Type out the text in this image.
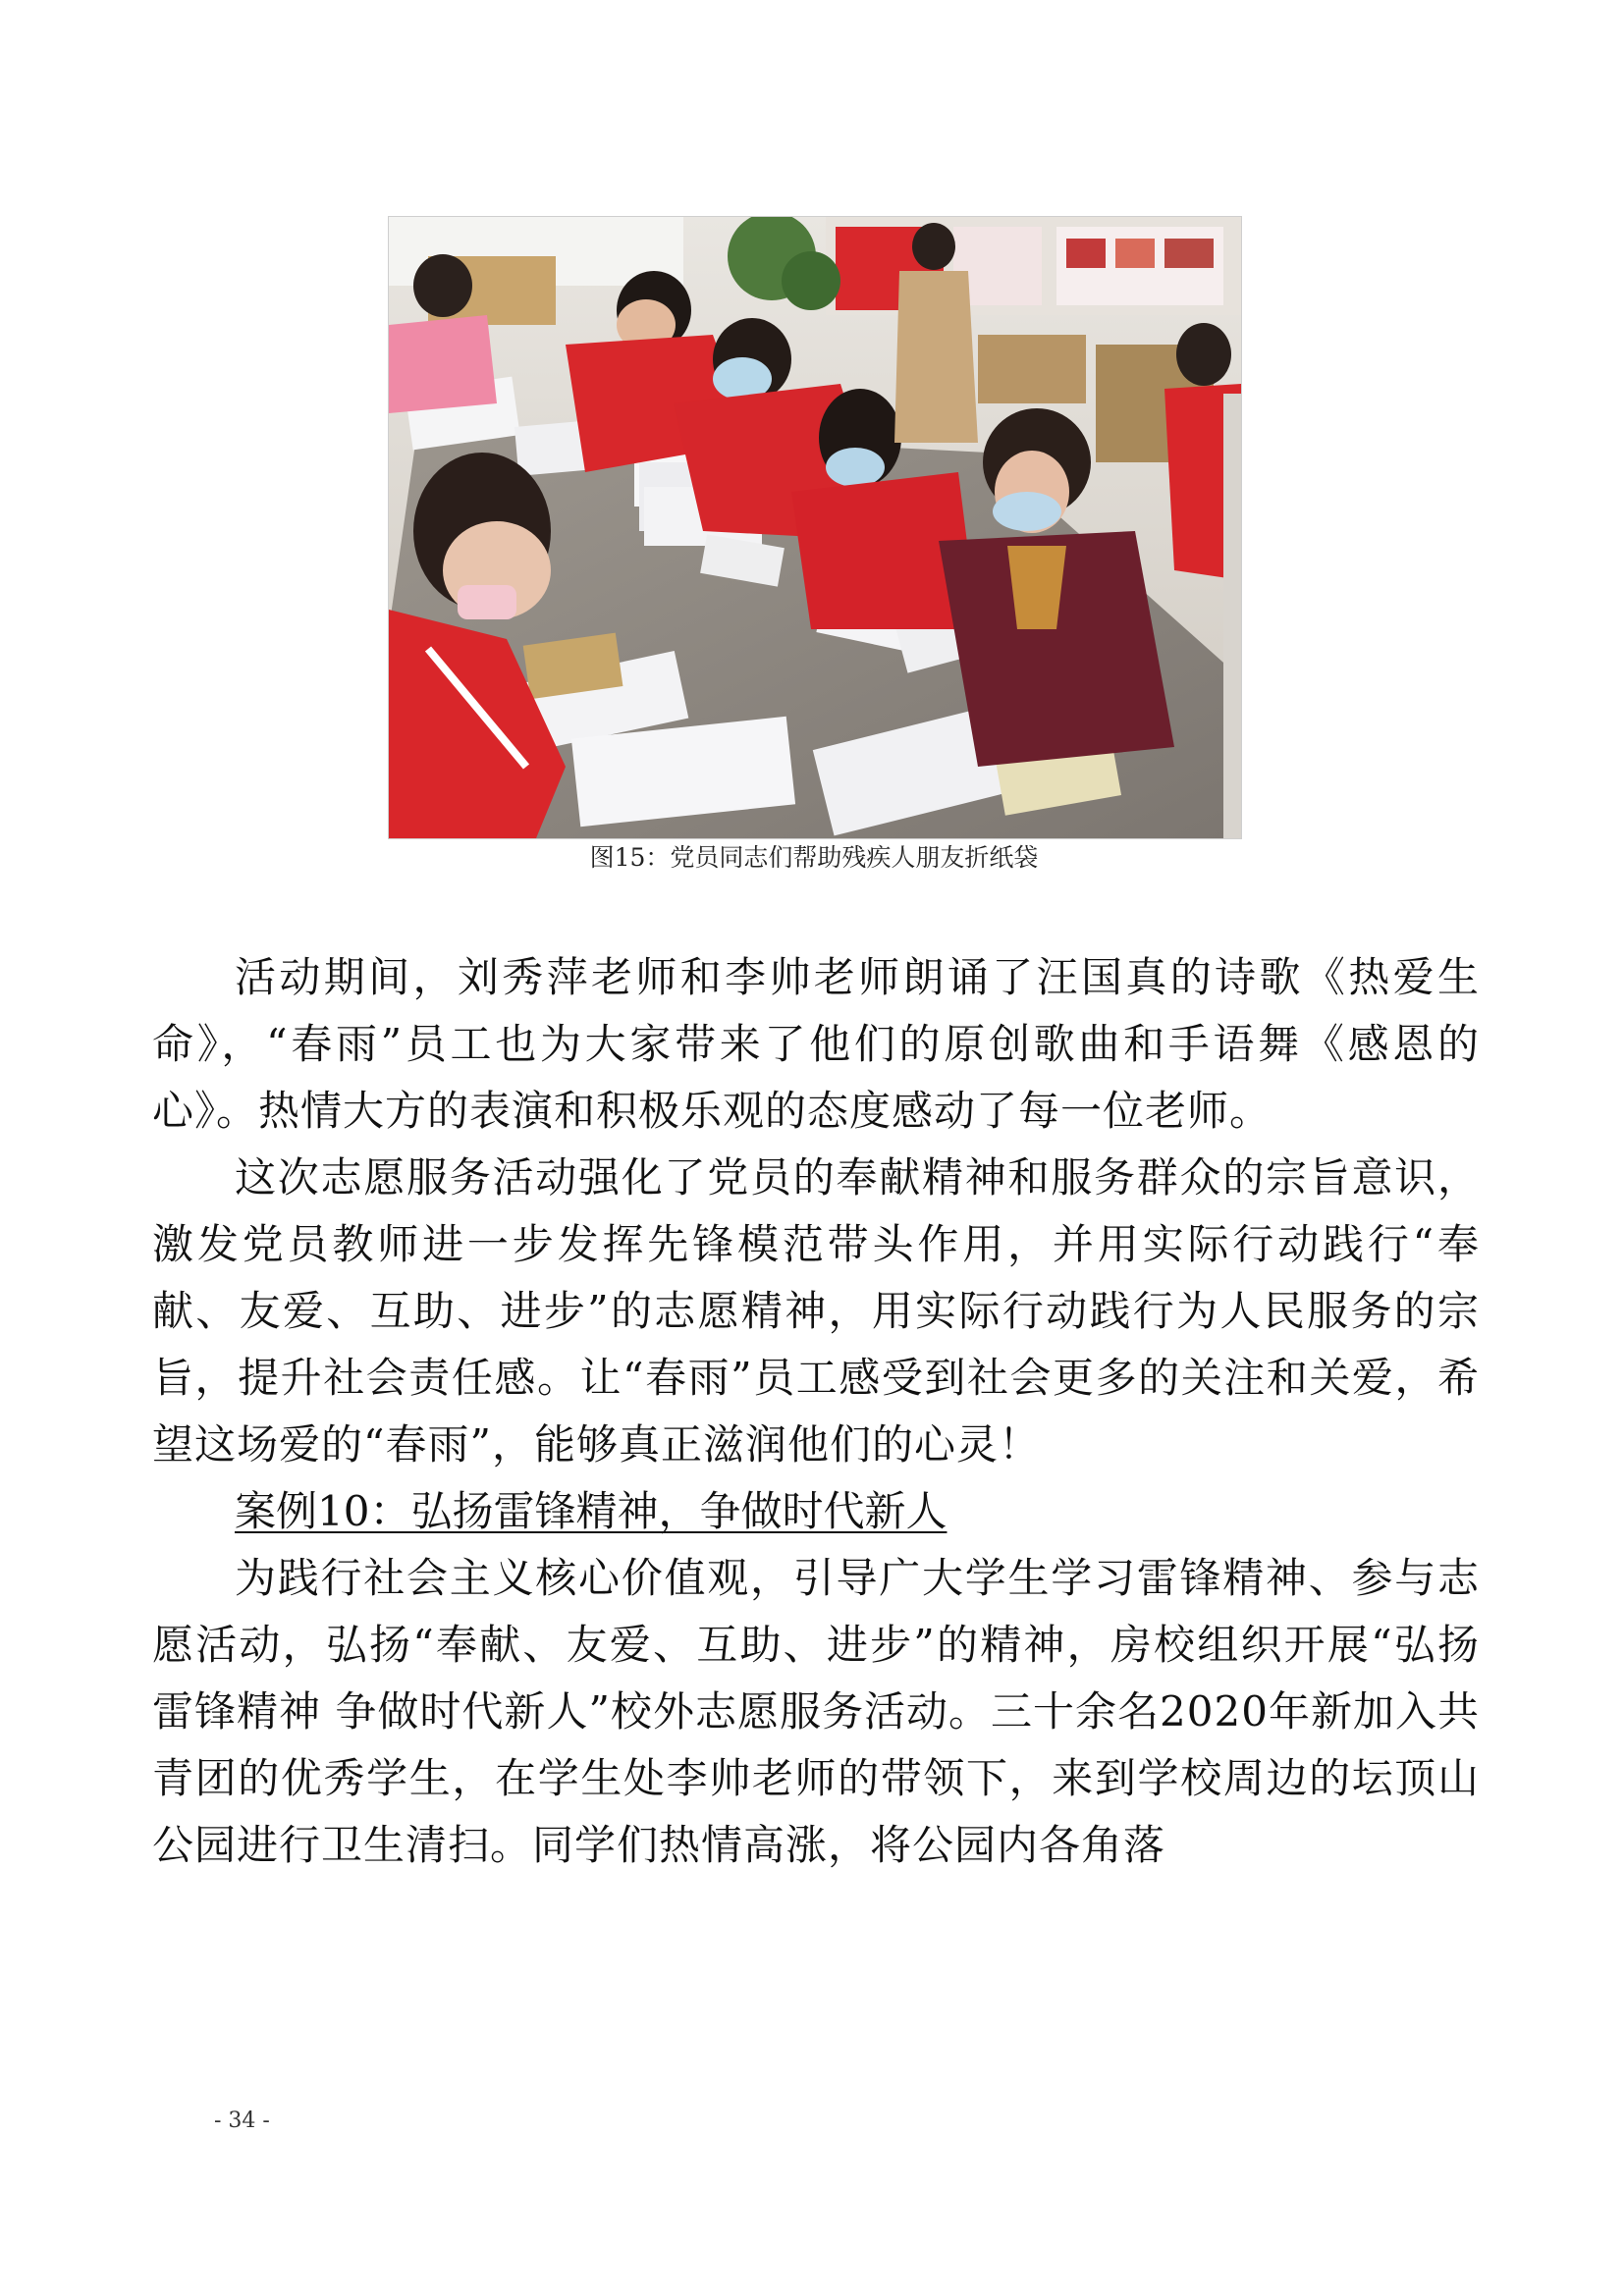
图15：党员同志们帮助残疾人朋友折纸袋

活动期间，刘秀萍老师和李帅老师朗诵了汪国真的诗歌《热爱生命》，“春雨”员工也为大家带来了他们的原创歌曲和手语舞《感恩的心》。热情大方的表演和积极乐观的态度感动了每一位老师。

这次志愿服务活动强化了党员的奉献精神和服务群众的宗旨意识，激发党员教师进一步发挥先锋模范带头作用，并用实际行动践行“奉献、友爱、互助、进步”的志愿精神，用实际行动践行为人民服务的宗旨，提升社会责任感。让“春雨”员工感受到社会更多的关注和关爱，希望这场爱的“春雨”，能够真正滋润他们的心灵！

案例10：弘扬雷锋精神，争做时代新人

为践行社会主义核心价值观，引导广大学生学习雷锋精神、参与志愿活动，弘扬“奉献、友爱、互助、进步”的精神，房校组织开展“弘扬雷锋精神 争做时代新人”校外志愿服务活动。三十余名2020年新加入共青团的优秀学生，在学生处李帅老师的带领下，来到学校周边的坛顶山公园进行卫生清扫。同学们热情高涨，将公园内各角落

- 34 -
